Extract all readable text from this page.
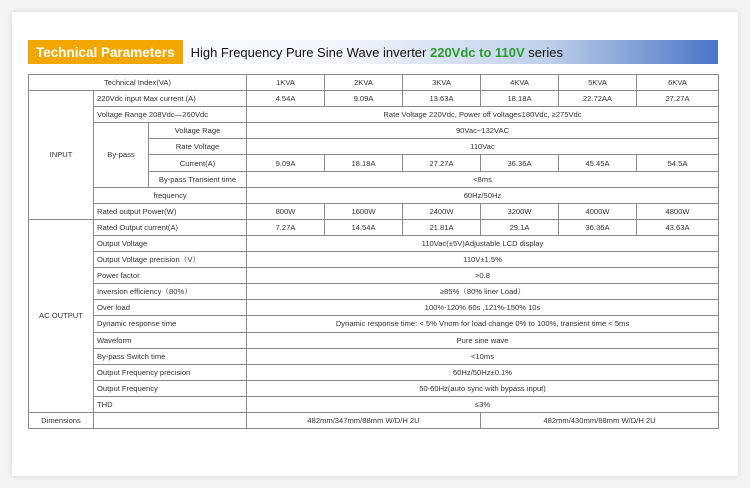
Technical Parameters	High Frequency Pure Sine Wave inverter 220Vdc to 110V series
Technical Index(VA)			1KVA	2KVA	3KVA	4KVA	5KVA	6KVA
INPUT	220Vdc input Max current (A)		4.54A	9.09A	13.63A	18.18A	22.72AA	27.27A
	Voltage Range 208Vdc—260Vdc		Rate Voltage 220Vdc, Power off voltage≤180Vdc, ≥275Vdc					
	By-pass	Voltage Rage	90Vac~132VAC					
		Rate Voltage	110Vac					
		Current(A)	9.09A	18.18A	27.27A	36.36A	45.45A	54.5A
		By-pass Transient time	<8ms					
	frequency		60Hz/50Hz					
	Rated output Power(W)		800W	1600W	2400W	3200W	4000W	4800W
AC OUTPUT	Rated Output current(A)		7.27A	14.54A	21.81A	29.1A	36.36A	43.63A
	Output Voltage		110Vac(±5V)Adjustable LCD display					
	Output Voltage precision（V）		110V±1.5%					
	Power factor		>0.8					
	Inversion efficiency（80%）		≥85%（80% liner Load）					
	Over load		100%-120% 60s ,121%-150% 10s					
	Dynamic response time		Dynamic response time: < 5% Vnom for load change 0% to 100%, transient time < 5ms					
	Waveform		Pure sine wave					
	By-pass Switch time		<10ms					
	Output Frequency precision		60Hz/50Hz±0.1%					
	Output Frequency		50-60Hz(auto sync with bypass input)					
	THD		≤3%					
Dimensions			482mm/347mm/88mm W/D/H 2U			482mm/430mm/88mm W/D/H 2U		
